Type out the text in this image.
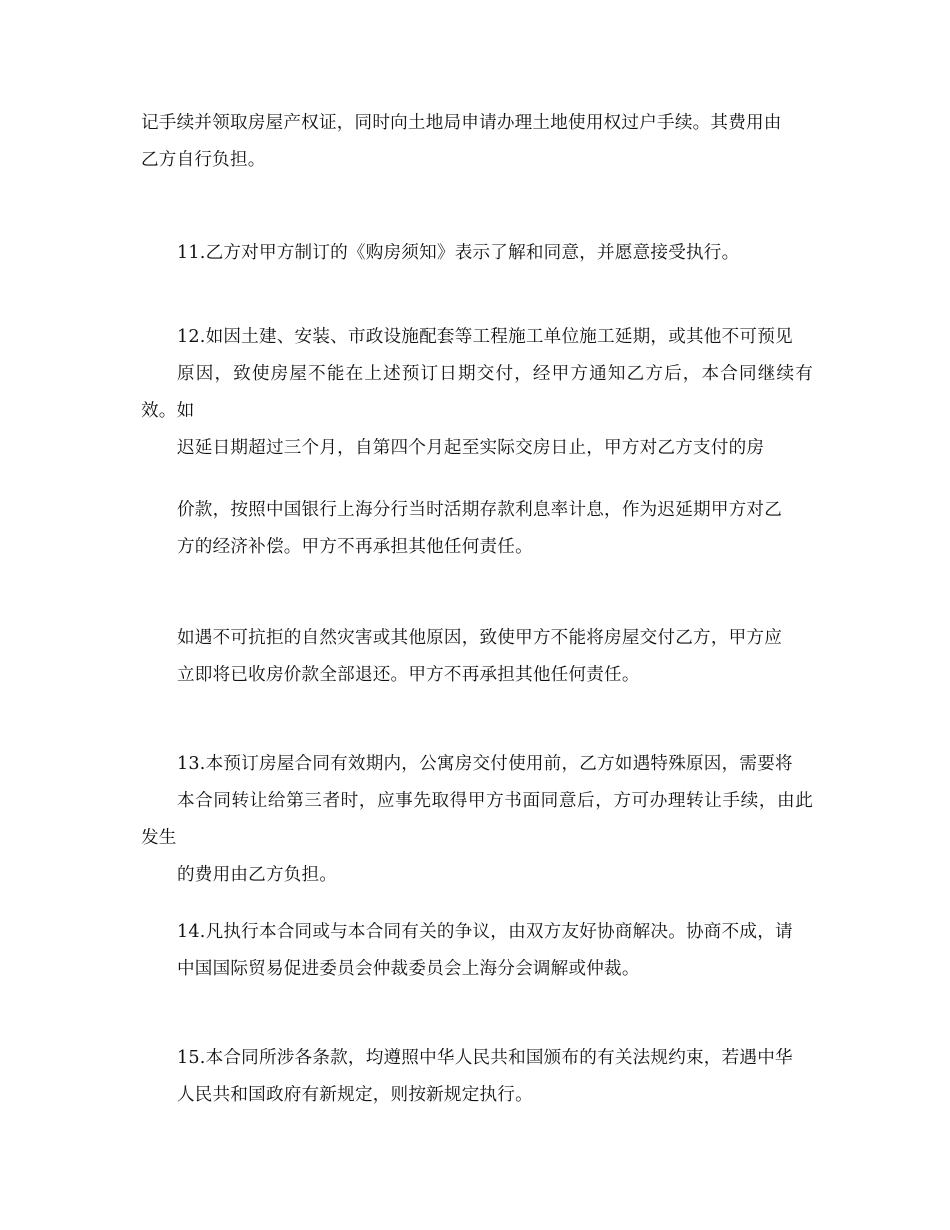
记手续并领取房屋产权证，同时向土地局申请办理土地使用权过户手续。其费用由
乙方自行负担。

11.乙方对甲方制订的《购房须知》表示了解和同意，并愿意接受执行。

12.如因土建、安装、市政设施配套等工程施工单位施工延期，或其他不可预见
原因，致使房屋不能在上述预订日期交付，经甲方通知乙方后，本合同继续有效。如
迟延日期超过三个月，自第四个月起至实际交房日止，甲方对乙方支付的房

价款，按照中国银行上海分行当时活期存款利息率计息，作为迟延期甲方对乙
方的经济补偿。甲方不再承担其他任何责任。

如遇不可抗拒的自然灾害或其他原因，致使甲方不能将房屋交付乙方，甲方应
立即将已收房价款全部退还。甲方不再承担其他任何责任。

13.本预订房屋合同有效期内，公寓房交付使用前，乙方如遇特殊原因，需要将
本合同转让给第三者时，应事先取得甲方书面同意后，方可办理转让手续，由此发生
的费用由乙方负担。

14.凡执行本合同或与本合同有关的争议，由双方友好协商解决。协商不成，请
中国国际贸易促进委员会仲裁委员会上海分会调解或仲裁。

15.本合同所涉各条款，均遵照中华人民共和国颁布的有关法规约束，若遇中华
人民共和国政府有新规定，则按新规定执行。
